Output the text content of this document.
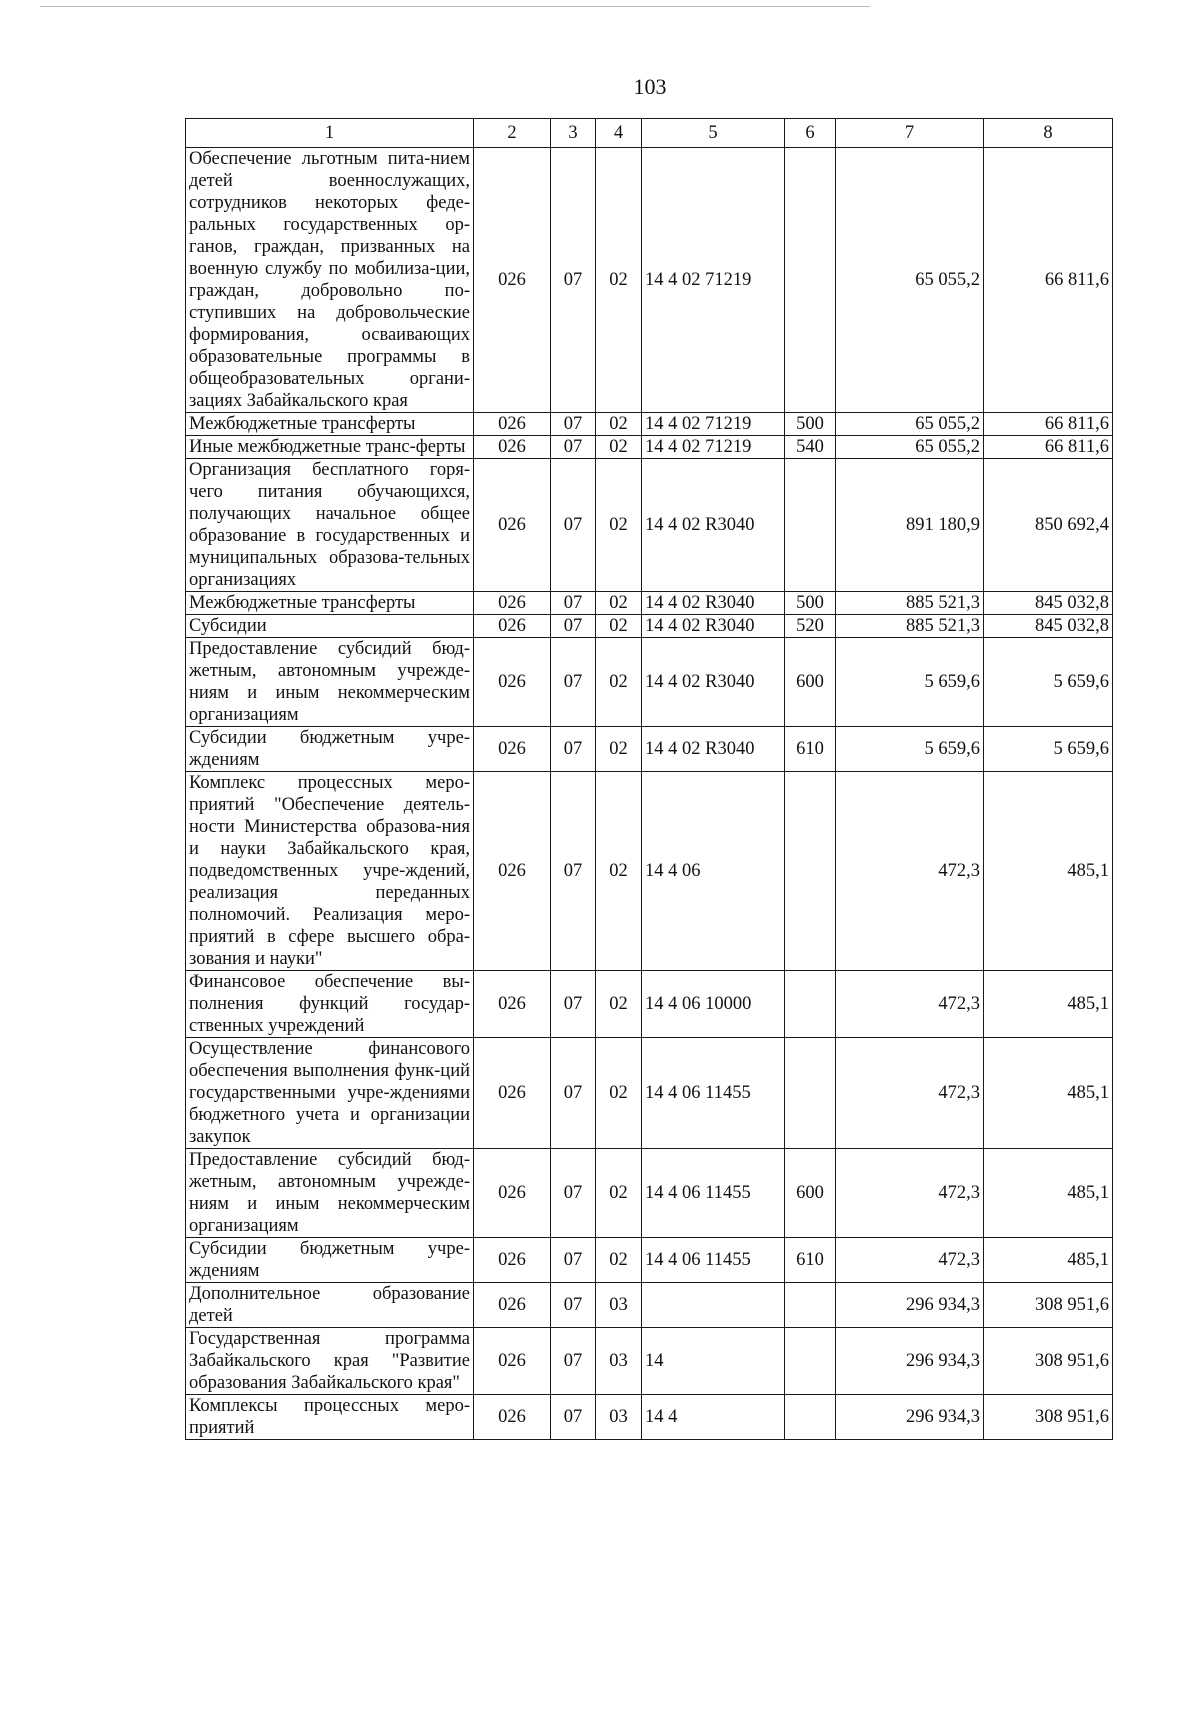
103
1	2	3	4	5	6	7	8
Обеспечение льготным пита-нием детей военнослужащих, сотрудников некоторых феде-ральных государственных ор-ганов, граждан, призванных на военную службу по мобилиза-ции, граждан, добровольно по-ступивших на добровольческие формирования, осваивающих образовательные программы в общеобразовательных органи-зациях Забайкальского края	026	07	02	14 4 02 71219		65 055,2	66 811,6
Межбюджетные трансферты	026	07	02	14 4 02 71219	500	65 055,2	66 811,6
Иные межбюджетные транс-ферты	026	07	02	14 4 02 71219	540	65 055,2	66 811,6
Организация бесплатного горя-чего питания обучающихся, получающих начальное общее образование в государственных и муниципальных образова-тельных организациях	026	07	02	14 4 02 R3040		891 180,9	850 692,4
Межбюджетные трансферты	026	07	02	14 4 02 R3040	500	885 521,3	845 032,8
Субсидии	026	07	02	14 4 02 R3040	520	885 521,3	845 032,8
Предоставление субсидий бюд-жетным, автономным учрежде-ниям и иным некоммерческим организациям	026	07	02	14 4 02 R3040	600	5 659,6	5 659,6
Субсидии бюджетным учре-ждениям	026	07	02	14 4 02 R3040	610	5 659,6	5 659,6
Комплекс процессных меро-приятий "Обеспечение деятель-ности Министерства образова-ния и науки Забайкальского края, подведомственных учре-ждений, реализация переданных полномочий. Реализация меро-приятий в сфере высшего обра-зования и науки"	026	07	02	14 4 06		472,3	485,1
Финансовое обеспечение вы-полнения функций государ-ственных учреждений	026	07	02	14 4 06 10000		472,3	485,1
Осуществление финансового обеспечения выполнения функ-ций государственными учре-ждениями бюджетного учета и организации закупок	026	07	02	14 4 06 11455		472,3	485,1
Предоставление субсидий бюд-жетным, автономным учрежде-ниям и иным некоммерческим организациям	026	07	02	14 4 06 11455	600	472,3	485,1
Субсидии бюджетным учре-ждениям	026	07	02	14 4 06 11455	610	472,3	485,1
Дополнительное образование детей	026	07	03			296 934,3	308 951,6
Государственная программа Забайкальского края "Развитие образования Забайкальского края"	026	07	03	14		296 934,3	308 951,6
Комплексы процессных меро-приятий	026	07	03	14 4		296 934,3	308 951,6
